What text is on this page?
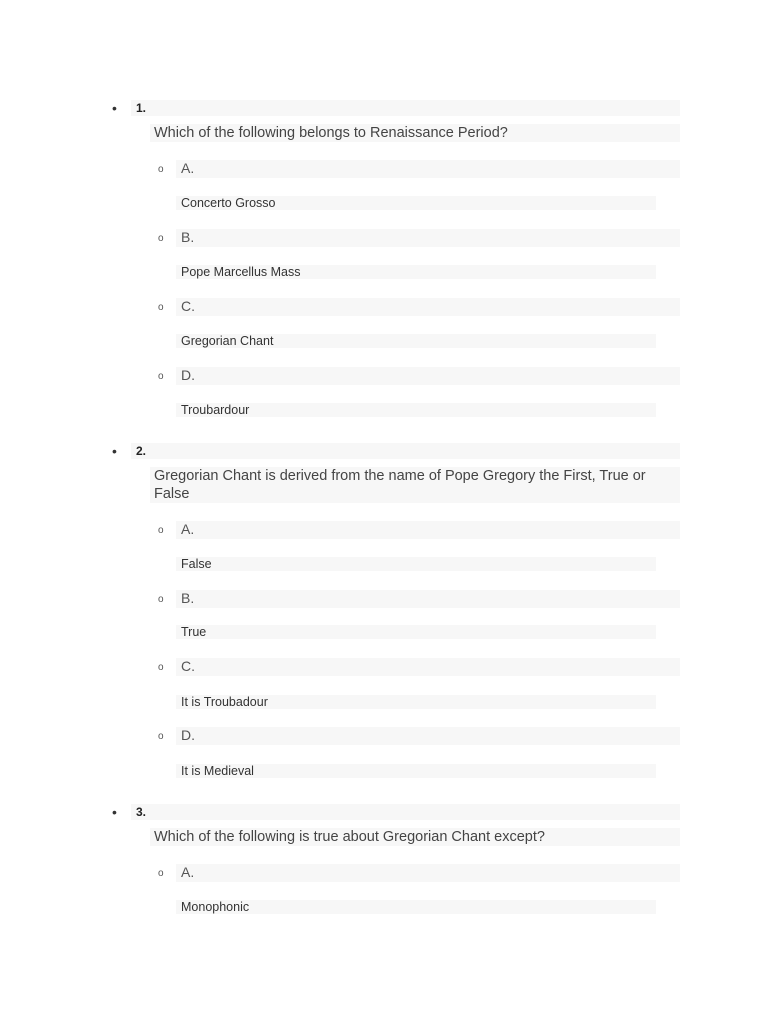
• 1.
Which of the following belongs to Renaissance Period?
o A.
Concerto Grosso
o B.
Pope Marcellus Mass
o C.
Gregorian Chant
o D.
Troubardour
• 2.
Gregorian Chant is derived from the name of Pope Gregory the First, True or False
o A.
False
o B.
True
o C.
It is Troubadour
o D.
It is Medieval
• 3.
Which of the following is true about Gregorian Chant except?
o A.
Monophonic
